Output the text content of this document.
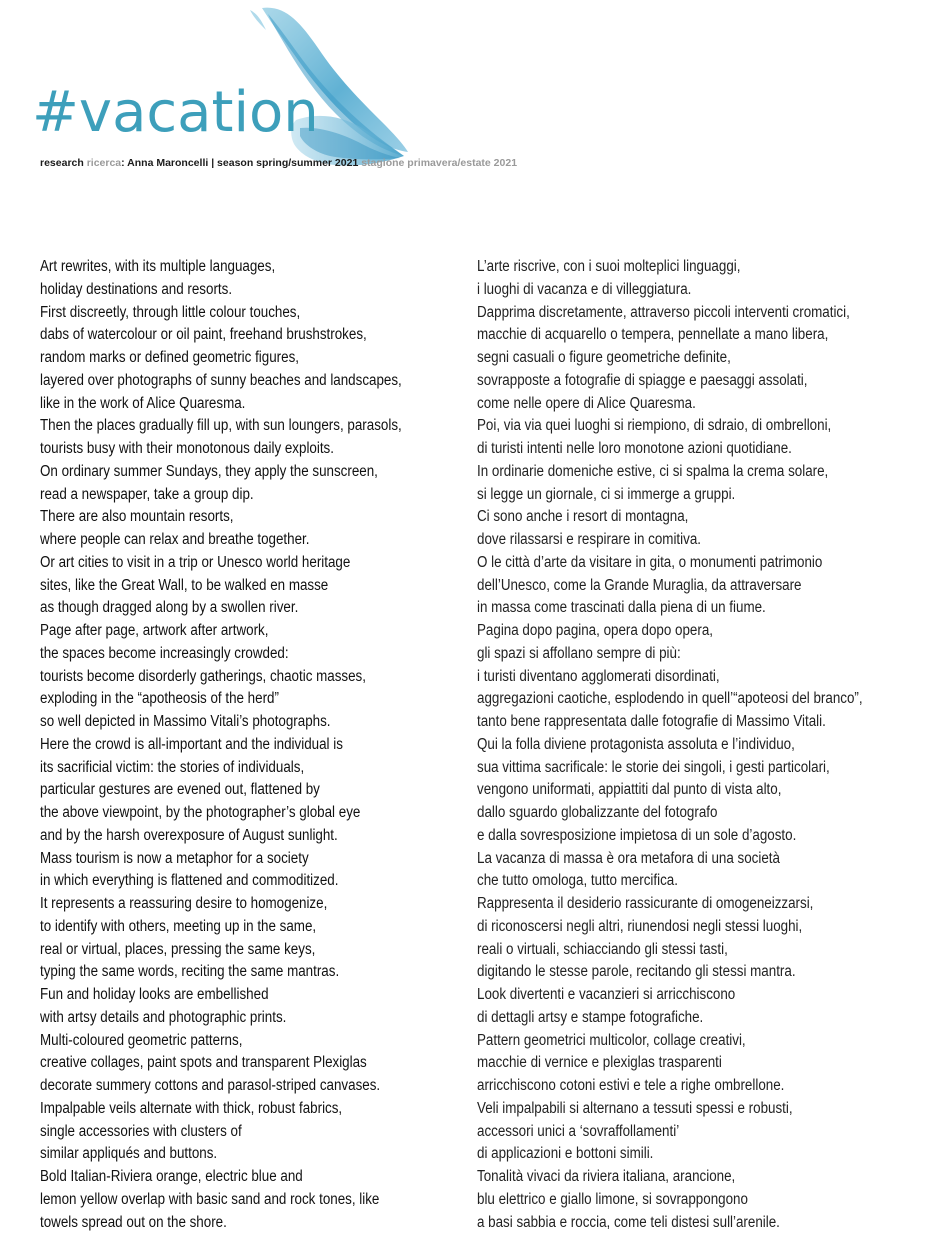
#vacation
research ricerca: Anna Maroncelli | season spring/summer 2021 stagione primavera/estate 2021
Art rewrites, with its multiple languages,
holiday destinations and resorts.
First discreetly, through little colour touches,
dabs of watercolour or oil paint, freehand brushstrokes,
random marks or defined geometric figures,
layered over photographs of sunny beaches and landscapes,
like in the work of Alice Quaresma.
Then the places gradually fill up, with sun loungers, parasols,
tourists busy with their monotonous daily exploits.
On ordinary summer Sundays, they apply the sunscreen,
read a newspaper, take a group dip.
There are also mountain resorts,
where people can relax and breathe together.
Or art cities to visit in a trip or Unesco world heritage
sites, like the Great Wall, to be walked en masse
as though dragged along by a swollen river.
Page after page, artwork after artwork,
the spaces become increasingly crowded:
tourists become disorderly gatherings, chaotic masses,
exploding in the “apotheosis of the herd”
so well depicted in Massimo Vitali’s photographs.
Here the crowd is all-important and the individual is
its sacrificial victim: the stories of individuals,
particular gestures are evened out, flattened by
the above viewpoint, by the photographer’s global eye
and by the harsh overexposure of August sunlight.
Mass tourism is now a metaphor for a society
in which everything is flattened and commoditized.
It represents a reassuring desire to homogenize,
to identify with others, meeting up in the same,
real or virtual, places, pressing the same keys,
typing the same words, reciting the same mantras.
Fun and holiday looks are embellished
with artsy details and photographic prints.
Multi-coloured geometric patterns,
creative collages, paint spots and transparent Plexiglas
decorate summery cottons and parasol-striped canvases.
Impalpable veils alternate with thick, robust fabrics,
single accessories with clusters of
similar appliqués and buttons.
Bold Italian-Riviera orange, electric blue and
lemon yellow overlap with basic sand and rock tones, like
towels spread out on the shore.
L’arte riscrive, con i suoi molteplici linguaggi,
i luoghi di vacanza e di villeggiatura.
Dapprima discretamente, attraverso piccoli interventi cromatici,
macchie di acquarello o tempera, pennellate a mano libera,
segni casuali o figure geometriche definite,
sovrapposte a fotografie di spiagge e paesaggi assolati,
come nelle opere di Alice Quaresma.
Poi, via via quei luoghi si riempiono, di sdraio, di ombrelloni,
di turisti intenti nelle loro monotone azioni quotidiane.
In ordinarie domeniche estive, ci si spalma la crema solare,
si legge un giornale, ci si immerge a gruppi.
Ci sono anche i resort di montagna,
dove rilassarsi e respirare in comitiva.
O le città d’arte da visitare in gita, o monumenti patrimonio
dell’Unesco, come la Grande Muraglia, da attraversare
in massa come trascinati dalla piena di un fiume.
Pagina dopo pagina, opera dopo opera,
gli spazi si affollano sempre di più:
i turisti diventano agglomerati disordinati,
aggregazioni caotiche, esplodendo in quell’“apoteosi del branco”,
tanto bene rappresentata dalle fotografie di Massimo Vitali.
Qui la folla diviene protagonista assoluta e l’individuo,
sua vittima sacrificale: le storie dei singoli, i gesti particolari,
vengono uniformati, appiattiti dal punto di vista alto,
dallo sguardo globalizzante del fotografo
e dalla sovresposizione impietosa di un sole d’agosto.
La vacanza di massa è ora metafora di una società
che tutto omologa, tutto mercifica.
Rappresenta il desiderio rassicurante di omogeneizzarsi,
di riconoscersi negli altri, riunendosi negli stessi luoghi,
reali o virtuali, schiacciando gli stessi tasti,
digitando le stesse parole, recitando gli stessi mantra.
Look divertenti e vacanzieri si arricchiscono
di dettagli artsy e stampe fotografiche.
Pattern geometrici multicolor, collage creativi,
macchie di vernice e plexiglas trasparenti
arricchiscono cotoni estivi e tele a righe ombrellone.
Veli impalpabili si alternano a tessuti spessi e robusti,
accessori unici a ‘sovraffollamenti’
di applicazioni e bottoni simili.
Tonalità vivaci da riviera italiana, arancione,
blu elettrico e giallo limone, si sovrappongono
a basi sabbia e roccia, come teli distesi sull’arenile.
